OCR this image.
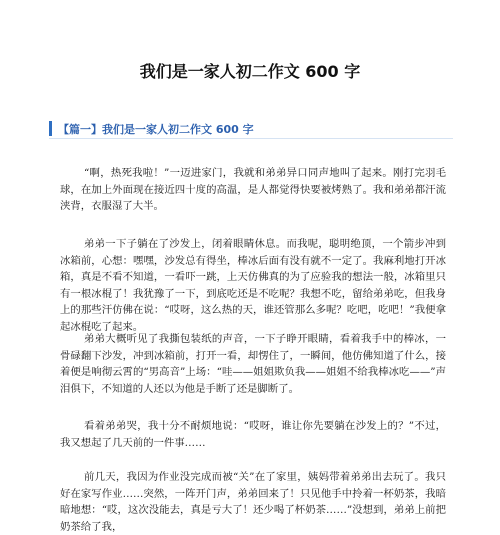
我们是一家人初二作文 600 字
【篇一】我们是一家人初二作文 600 字

“啊，热死我啦！”一迈进家门，我就和弟弟异口同声地叫了起来。刚打完羽毛球，在加上外面现在接近四十度的高温，是人都觉得快要被烤熟了。我和弟弟都汗流浃背，衣服湿了大半。

弟弟一下子躺在了沙发上，闭着眼睛休息。而我呢，聪明绝顶，一个箭步冲到冰箱前，心想：嘿嘿，沙发总有得坐，棒冰后面有没有就不一定了。我麻利地打开冰箱，真是不看不知道，一看吓一跳，上天仿佛真的为了应验我的想法一般，冰箱里只有一根冰棍了！我犹豫了一下，到底吃还是不吃呢？我想不吃，留给弟弟吃，但我身上的那些汗仿佛在说：“哎呀，这么热的天，谁还管那么多呢？吃吧，吃吧！”我便拿起冰棍吃了起来。

弟弟大概听见了我撕包装纸的声音，一下子睁开眼睛，看着我手中的棒冰，一骨碌翻下沙发，冲到冰箱前，打开一看，却愣住了，一瞬间，他仿佛知道了什么，接着便是响彻云霄的“男高音”上场：“哇——姐姐欺负我——姐姐不给我棒冰吃——”声泪俱下，不知道的人还以为他是手断了还是脚断了。

看着弟弟哭，我十分不耐烦地说：“哎呀，谁让你先要躺在沙发上的？”不过，我又想起了几天前的一件事……

前几天，我因为作业没完成而被“关”在了家里，姨妈带着弟弟出去玩了。我只好在家写作业……突然，一阵开门声，弟弟回来了！只见他手中拎着一杯奶茶，我暗暗地想：“哎，这次没能去，真是亏大了！还少喝了杯奶茶……”没想到，弟弟上前把奶茶给了我，
